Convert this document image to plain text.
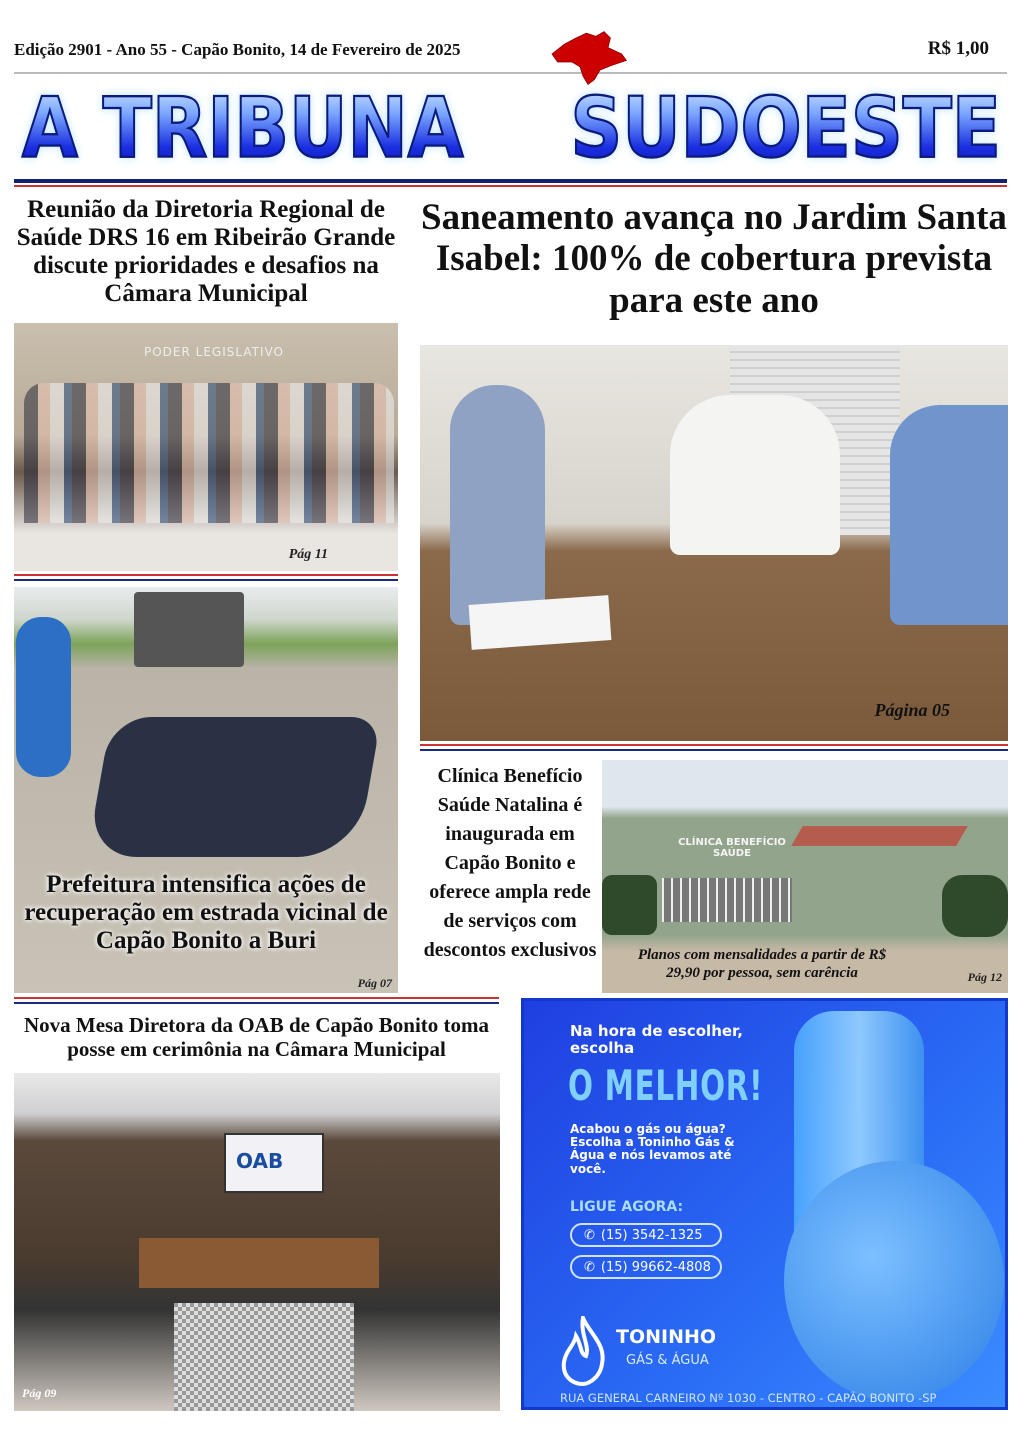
Edição 2901 - Ano 55 - Capão Bonito, 14 de Fevereiro de 2025	R$ 1,00
A TRIBUNA SUDOESTE
Reunião da Diretoria Regional de Saúde DRS 16 em Ribeirão Grande discute prioridades e desafios na Câmara Municipal
PODER LEGISLATIVO
Pág 11
Prefeitura intensifica ações de recuperação em estrada vicinal de Capão Bonito a Buri
Pág 07
Saneamento avança no Jardim Santa Isabel: 100% de cobertura prevista para este ano
Página 05
Clínica Benefício Saúde Natalina é inaugurada em Capão Bonito e oferece ampla rede de serviços com descontos exclusivos
CLÍNICA BENEFÍCIO SAÚDE
Planos com mensalidades a partir de R$ 29,90 por pessoa, sem carência	Pág 12
Nova Mesa Diretora da OAB de Capão Bonito toma posse em cerimônia na Câmara Municipal
OAB
Pág 09
Na hora de escolher, escolha
O MELHOR!
Acabou o gás ou água? Escolha a Toninho Gás & Água e nós levamos até você.
LIGUE AGORA:
✆ (15) 3542-1325
✆ (15) 99662-4808
TONINHO
GÁS & ÁGUA
RUA GENERAL CARNEIRO Nº 1030 - CENTRO - CAPÃO BONITO -SP
